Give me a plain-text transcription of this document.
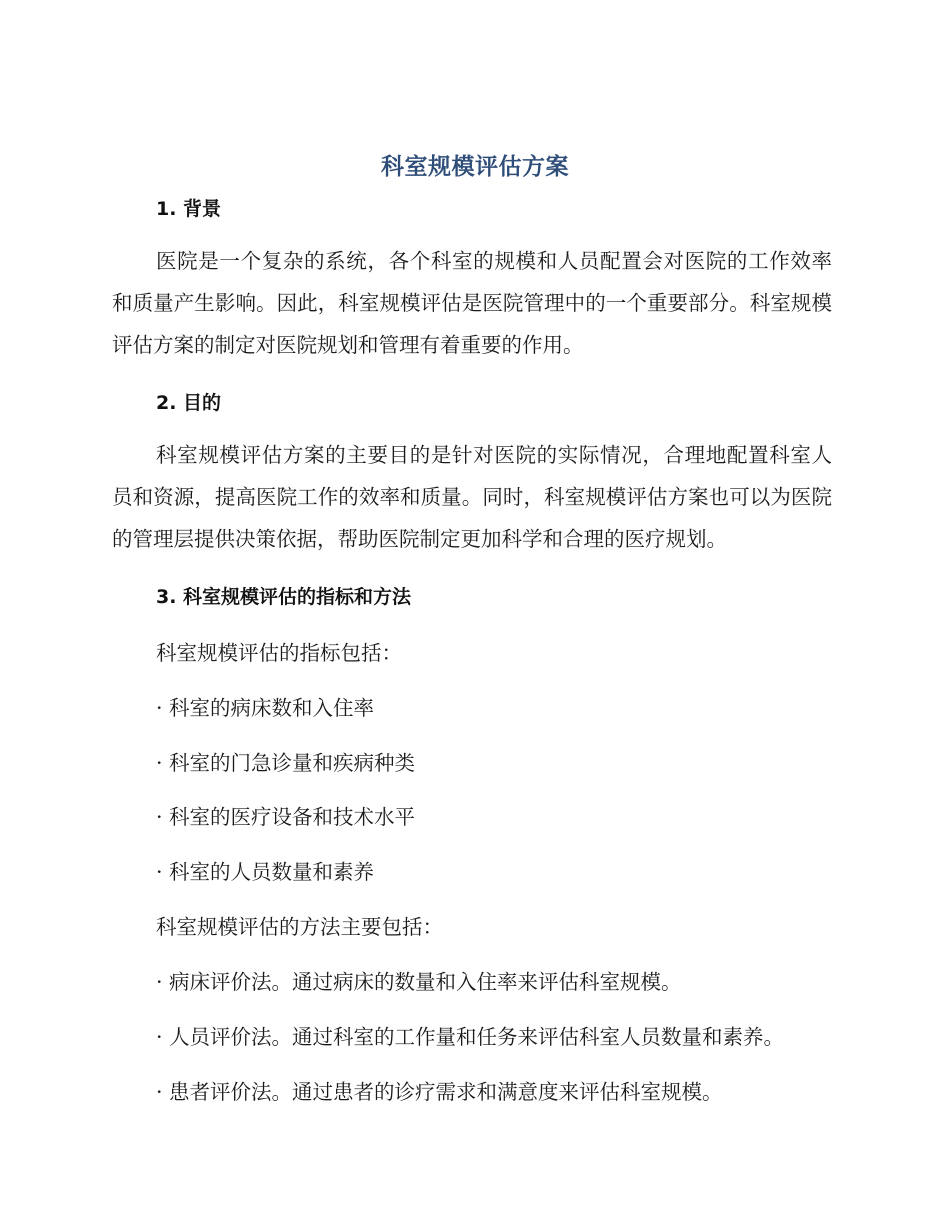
科室规模评估方案
1. 背景
医院是一个复杂的系统，各个科室的规模和人员配置会对医院的工作效率和质量产生影响。因此，科室规模评估是医院管理中的一个重要部分。科室规模评估方案的制定对医院规划和管理有着重要的作用。
2. 目的
科室规模评估方案的主要目的是针对医院的实际情况，合理地配置科室人员和资源，提高医院工作的效率和质量。同时，科室规模评估方案也可以为医院的管理层提供决策依据，帮助医院制定更加科学和合理的医疗规划。
3. 科室规模评估的指标和方法
科室规模评估的指标包括：
· 科室的病床数和入住率
· 科室的门急诊量和疾病种类
· 科室的医疗设备和技术水平
· 科室的人员数量和素养
科室规模评估的方法主要包括：
· 病床评价法。通过病床的数量和入住率来评估科室规模。
· 人员评价法。通过科室的工作量和任务来评估科室人员数量和素养。
· 患者评价法。通过患者的诊疗需求和满意度来评估科室规模。
